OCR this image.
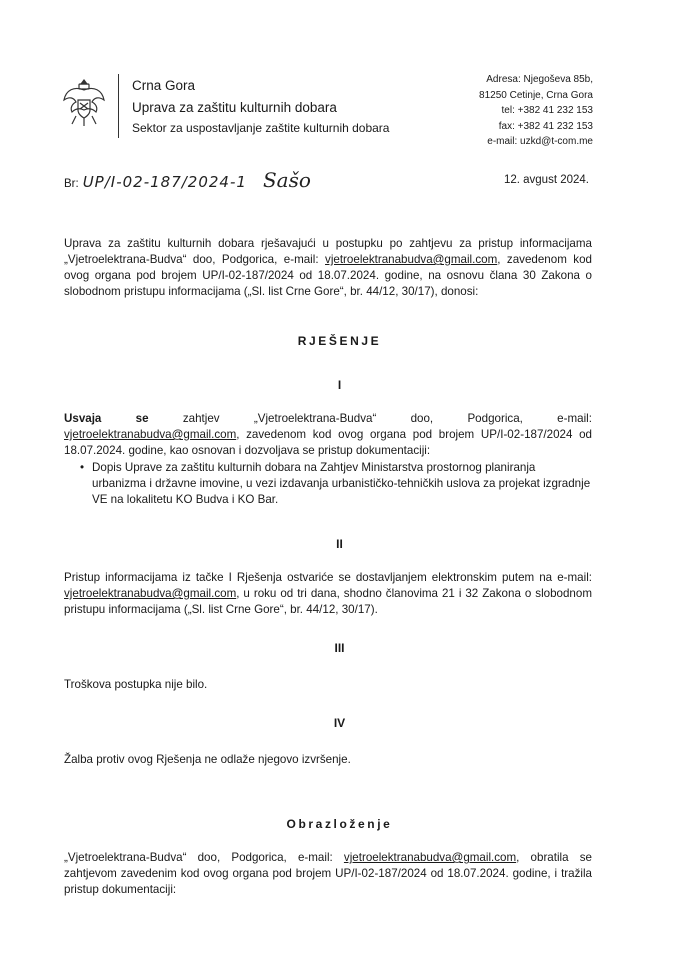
Crna Gora
Uprava za zaštitu kulturnih dobara
Sektor za uspostavljanje zaštite kulturnih dobara
Adresa: Njegoševa 85b,
81250 Cetinje, Crna Gora
tel: +382 41 232 153
fax: +382 41 232 153
e-mail: uzkd@t-com.me
Br: UP/I-02-187/2024-1 Sašo	12. avgust 2024.
Uprava za zaštitu kulturnih dobara rješavajući u postupku po zahtjevu za pristup informacijama „Vjetroelektrana-Budva“ doo, Podgorica, e-mail: vjetroelektranabudva@gmail.com, zavedenom kod ovog organa pod brojem UP/I-02-187/2024 od 18.07.2024. godine, na osnovu člana 30 Zakona o slobodnom pristupu informacijama („Sl. list Crne Gore“, br. 44/12, 30/17), donosi:
RJEŠENJE
I
Usvaja	se	zahtjev	„Vjetroelektrana-Budva“	doo,	Podgorica,	e-mail:
vjetroelektranabudva@gmail.com, zavedenom kod ovog organa pod brojem UP/I-02-187/2024 od 18.07.2024. godine, kao osnovan i dozvoljava se pristup dokumentaciji:
• Dopis Uprave za zaštitu kulturnih dobara na Zahtjev Ministarstva prostornog planiranja urbanizma i državne imovine, u vezi izdavanja urbanističko-tehničkih uslova za projekat izgradnje VE na lokalitetu KO Budva i KO Bar.
II
Pristup informacijama iz tačke I Rješenja ostvariće se dostavljanjem elektronskim putem na e-mail: vjetroelektranabudva@gmail.com, u roku od tri dana, shodno članovima 21 i 32 Zakona o slobodnom pristupu informacijama („Sl. list Crne Gore“, br. 44/12, 30/17).
III
Troškova postupka nije bilo.
IV
Žalba protiv ovog Rješenja ne odlaže njegovo izvršenje.
Obrazloženje
„Vjetroelektrana-Budva“ doo, Podgorica, e-mail: vjetroelektranabudva@gmail.com, obratila se zahtjevom zavedenim kod ovog organa pod brojem UP/I-02-187/2024 od 18.07.2024. godine, i tražila pristup dokumentaciji:
